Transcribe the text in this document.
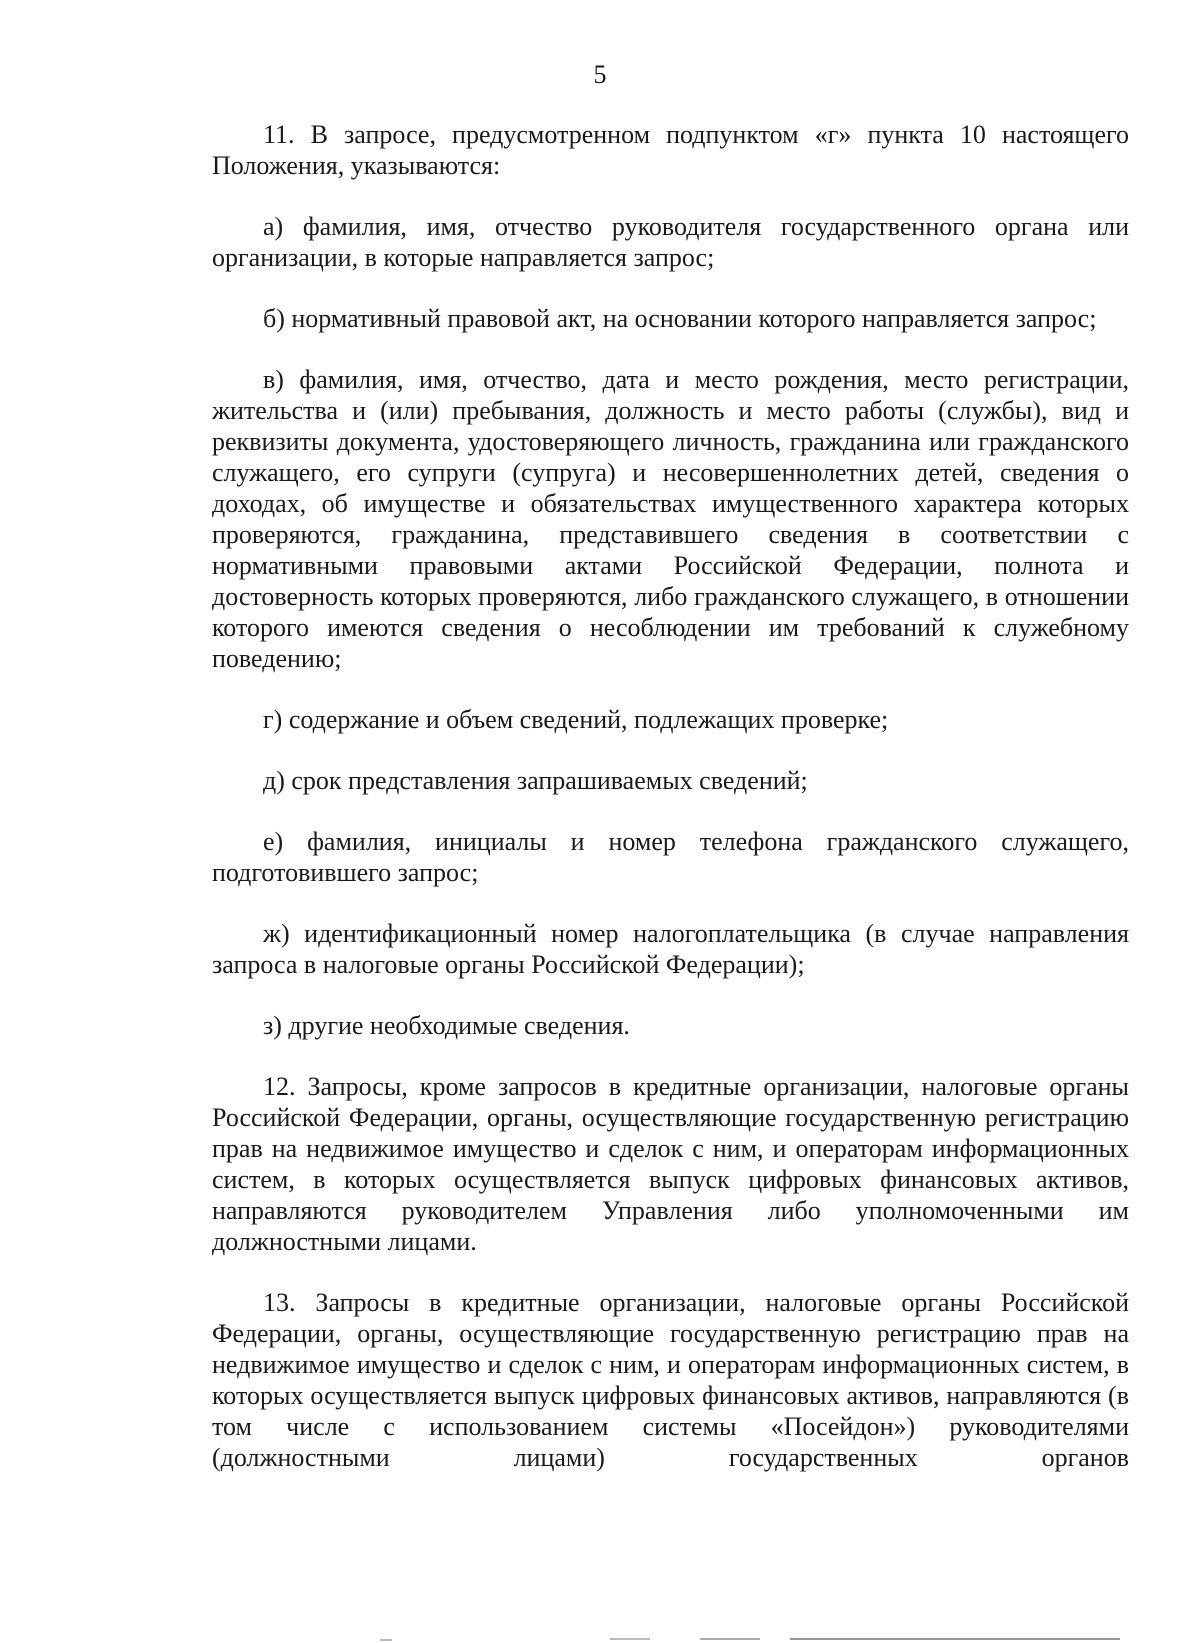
5

11. В запросе, предусмотренном подпунктом «г» пункта 10 настоящего Положения, указываются:

а) фамилия, имя, отчество руководителя государственного органа или организации, в которые направляется запрос;

б) нормативный правовой акт, на основании которого направляется запрос;

в) фамилия, имя, отчество, дата и место рождения, место регистрации, жительства и (или) пребывания, должность и место работы (службы), вид и реквизиты документа, удостоверяющего личность, гражданина или гражданского служащего, его супруги (супруга) и несовершеннолетних детей, сведения о доходах, об имуществе и обязательствах имущественного характера которых проверяются, гражданина, представившего сведения в соответствии с нормативными правовыми актами Российской Федерации, полнота и достоверность которых проверяются, либо гражданского служащего, в отношении которого имеются сведения о несоблюдении им требований к служебному поведению;

г) содержание и объем сведений, подлежащих проверке;

д) срок представления запрашиваемых сведений;

е) фамилия, инициалы и номер телефона гражданского служащего, подготовившего запрос;

ж) идентификационный номер налогоплательщика (в случае направления запроса в налоговые органы Российской Федерации);

з) другие необходимые сведения.

12. Запросы, кроме запросов в кредитные организации, налоговые органы Российской Федерации, органы, осуществляющие государственную регистрацию прав на недвижимое имущество и сделок с ним, и операторам информационных систем, в которых осуществляется выпуск цифровых финансовых активов, направляются руководителем Управления либо уполномоченными им должностными лицами.

13. Запросы в кредитные организации, налоговые органы Российской Федерации, органы, осуществляющие государственную регистрацию прав на недвижимое имущество и сделок с ним, и операторам информационных систем, в которых осуществляется выпуск цифровых финансовых активов, направляются (в том числе с использованием системы «Посейдон») руководителями (должностными лицами) государственных органов
